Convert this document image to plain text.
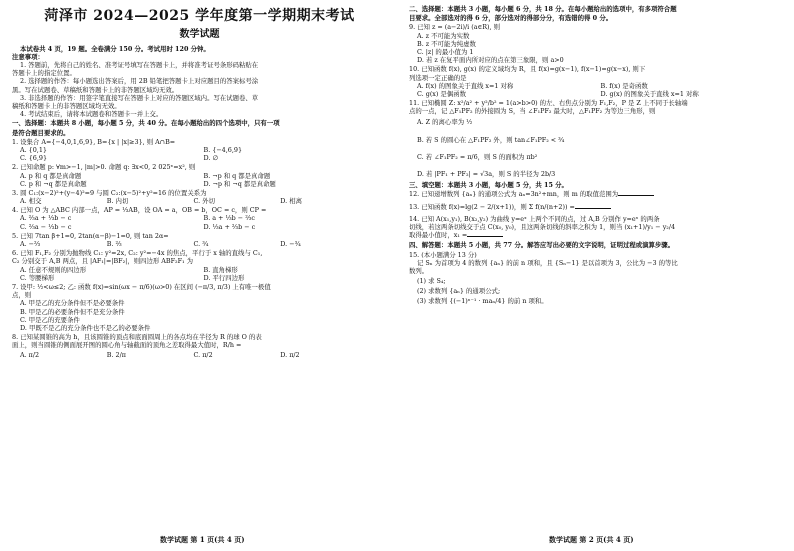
菏泽市 2024—2025 学年度第一学期期末考试
数学试题
本试卷共 4 页，19 题。全卷满分 150 分。考试用时 120 分钟。
注意事项：
1. 答题前，先将自己的姓名、准考证号填写在答题卡上，并将准考证号条形码粘贴在
答题卡上的指定位置。
2. 选择题的作答：每小题选出答案后，用 2B 铅笔把答题卡上对应题目的答案标号涂
黑。写在试题卷、草稿纸和答题卡上的非答题区域均无效。
3. 非选择题的作答：用签字笔直接写在答题卡上对应的答题区域内。写在试题卷、草
稿纸和答题卡上的非答题区域均无效。
4. 考试结束后，请将本试题卷和答题卡一并上交。
一、选择题：本题共 8 小题，每小题 5 分，共 40 分。在每小题给出的四个选项中，只有一项
是符合题目要求的。
1. 设集合 A={−4,0,1,6,9}, B={x | |x|≥3}, 则 A∩B=
A. {0,1}	B. {−4,6,9}
C. {6,9}	D. ∅
2. 已知命题 p: ∀m>−1, |m|>0. 命题 q: ∃x<0, 2 025ˣ=x², 则
A. p 和 q 都是真命题	B. ¬p 和 q 都是真命题
C. p 和 ¬q 都是真命题	D. ¬p 和 ¬q 都是真命题
3. 圆 C₁:(x−2)²+(y−4)²=9 与圆 C₂:(x−5)²+y²=16 的位置关系为
A. 相交	B. 内切	C. 外切	D. 相离
4. 已知 O 为 △ABC 内部一点，AP = ⅓AB，设 OA = a，OB = b，OC = c，则 CP =
A. ⅔a + ⅓b − c	B. a + ⅓b − ⅔c
C. ⅔a − ⅓b − c	D. ⅓a + ⅔b − c
5. 已知 7tan β+1=0, 2tan(α−β)−1=0, 则 tan 2α=
A. −⅔	B. ⅔	C. ¾	D. −¾
6. 已知 F₁,F₂ 分别为抛物线 C₁: y²=2x, C₂: y²=−4x 的焦点，平行于 x 轴的直线与 C₁,
C₂ 分别交于 A,B 两点，且 |AF₁|=|BF₂|，则四边形 ABF₂F₁ 为
A. 任意不规则的四边形	B. 直角梯形
C. 等腰梯形	D. 平行四边形
7. 设甲: ½<ω≤2; 乙: 函数 f(x)=sin(ωx − π/6)(ω>0) 在区间 (−π/3, π/3) 上有唯一极值
点，则
A. 甲是乙的充分条件但不是必要条件
B. 甲是乙的必要条件但不是充分条件
C. 甲是乙的充要条件
D. 甲既不是乙的充分条件也不是乙的必要条件
8. 已知某圆锥的高为 h，且该圆锥的顶点和底面圆周上的各点均在半径为 R 的球 O 的表
面上，则当圆锥的侧面展开图的圆心角与轴截面的顶角之差取得最大值时，R/h =
A. π/2	B. 2/π	C. π/2	D. π/2
数学试题 第 1 页(共 4 页)
二、选择题：本题共 3 小题，每小题 6 分，共 18 分。在每小题给出的选项中，有多项符合题
目要求。全部选对的得 6 分，部分选对的得部分分，有选错的得 0 分。
9. 已知 z = (a−2i)/i (a∈R), 则
A. z 不可能为实数
B. z 不可能为纯虚数
C. |z| 的最小值为 1
D. 若 z 在复平面内所对应的点在第三象限，则 a>0
10. 已知函数 f(x), g(x) 的定义域均为 R，且 f(x)=g(x−1), f(x−1)=g(x−x), 则下
列选项一定正确的是
A. f(x) 的图象关于直线 x=1 对称	B. f(x) 是奇函数
C. g(x) 是偶函数	D. g(x) 的图象关于直线 x=1 对称
11. 已知椭圆 Z: x²/a² + y²/b² = 1(a>b>0) 的左、右焦点分别为 F₁,F₂，P 是 Z 上不同于长轴端
点的一点，记 △F₁PF₂ 的外接圆为 S，当 ∠F₁PF₂ 最大时，△F₁PF₂ 为等边三角形，则
A. Z 的离心率为 ½
B. 若 S 的圆心在 △F₁PF₂ 外，则 tan∠F₁PF₂ < ¾
C. 若 ∠F₁PF₂ = π/6，则 S 的面积为 πb²
D. 若 |PF₁ + PF₂| = √3a，则 S 的半径为 2b/3
三、填空题：本题共 3 小题，每小题 5 分，共 15 分。
12. 已知递增数列 {aₙ} 的通项公式为 aₙ=3n²+mn，则 m 的取值范围为
13. 已知函数 f(x)=lg(2 − 2/(x+1))，则 Σ f(n/(n+2)) =
14. 已知 A(x₁,y₁), B(x₂,y₂) 为曲线 y=eˣ 上两个不同的点，过 A,B 分别作 y=eˣ 的两条
切线，若这两条切线交于点 C(x₀, y₀)，且这两条切线的斜率之积为 1，则当 (x₁+1)/y₁ − y₂/4
取得最小值时，x₁ =
四、解答题：本题共 5 小题，共 77 分。解答应写出必要的文字说明，证明过程或演算步骤。
15. (本小题满分 13 分)
记 Sₙ 为首项为 4 的数列 {aₙ} 的前 n 项和，且 {Sₙ−1} 是以首项为 3，公比为 −3 的等比
数列。
(1) 求 S₄;
(2) 求数列 {aₙ} 的通项公式;
(3) 求数列 {(−1)ⁿ⁻¹ · maₙ/4} 的前 n 项和。
数学试题 第 2 页(共 4 页)
